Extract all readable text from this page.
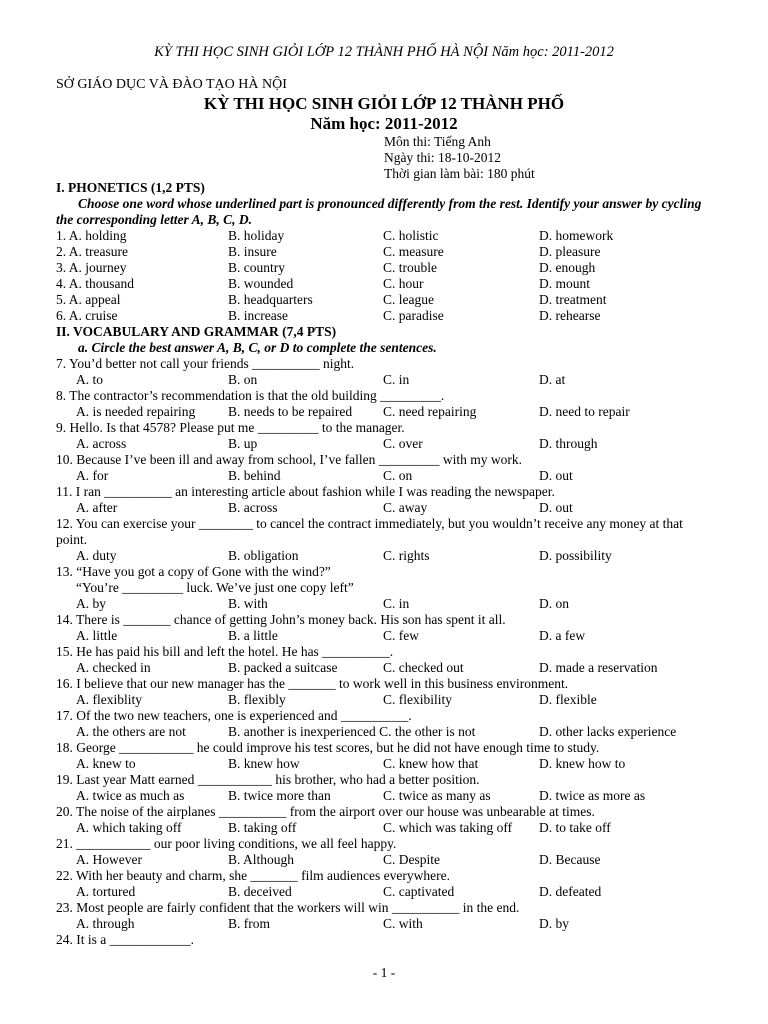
KỲ THI HỌC SINH GIỎI LỚP 12 THÀNH PHỐ HÀ NỘI Năm học: 2011-2012
SỞ GIÁO DỤC VÀ ĐÀO TẠO HÀ NỘI
KỲ THI HỌC SINH GIỎI LỚP 12 THÀNH PHỐ
Năm học: 2011-2012
Môn thi: Tiếng Anh
Ngày thi: 18-10-2012
Thời gian làm bài: 180 phút
I. PHONETICS (1,2 PTS)
Choose one word whose underlined part is pronounced differently from the rest. Identify your answer by cycling the corresponding letter A, B, C, D.
1. A. holding	B. holiday	C. holistic	D. homework
2. A. treasure	B. insure	C. measure	D. pleasure
3. A. journey	B. country	C. trouble	D. enough
4. A. thousand	B. wounded	C. hour	D. mount
5. A. appeal	B. headquarters	C. league	D. treatment
6. A. cruise	B. increase	C. paradise	D. rehearse
II. VOCABULARY AND GRAMMAR (7,4 PTS)
a. Circle the best answer A, B, C, or D to complete the sentences.
7. You’d better not call your friends __________ night.
A. to	B. on	C. in	D. at
8. The contractor’s recommendation is that the old building _________.
A. is needed repairing B. needs to be repaired C. need repairing	D. need to repair
9. Hello. Is that 4578? Please put me _________ to the manager.
A. across	B. up	C. over	D. through
10. Because I’ve been ill and away from school, I’ve fallen _________ with my work.
A. for	B. behind	C. on	D. out
11. I ran __________ an interesting article about fashion while I was reading the newspaper.
A. after	B. across	C. away	D. out
12. You can exercise your ________ to cancel the contract immediately, but you wouldn’t receive any money at that point.
A. duty	B. obligation	C. rights	D. possibility
13. “Have you got a copy of Gone with the wind?”
“You’re _________ luck. We’ve just one copy left”
A. by	B. with	C. in	D. on
14. There is _______ chance of getting John’s money back. His son has spent it all.
A. little	B. a little	C. few	D. a few
15. He has paid his bill and left the hotel. He has __________.
A. checked in	B. packed a suitcase	C. checked out	D. made a reservation
16. I believe that our new manager has the _______ to work well in this business environment.
A. flexiblity	B. flexibly	C. flexibility	D. flexible
17. Of the two new teachers, one is experienced and __________.
A. the others are not	B. another is inexperienced C. the other is not	D. other lacks experience
18. George ___________ he could improve his test scores, but he did not have enough time to study.
A. knew to	B. knew how	C. knew how that	D. knew how to
19. Last year Matt earned ___________ his brother, who had a better position.
A. twice as much as	B. twice more than	C. twice as many as	D. twice as more as
20. The noise of the airplanes __________ from the airport over our house was unbearable at times.
A. which taking off	B. taking off	C. which was taking off D. to take off
21. ___________ our poor living conditions, we all feel happy.
A. However	B. Although	C. Despite	D. Because
22. With her beauty and charm, she _______ film audiences everywhere.
A. tortured	B. deceived	C. captivated	D. defeated
23. Most people are fairly confident that the workers will win __________ in the end.
A. through	B. from	C. with	D. by
24. It is a ____________.
- 1 -
